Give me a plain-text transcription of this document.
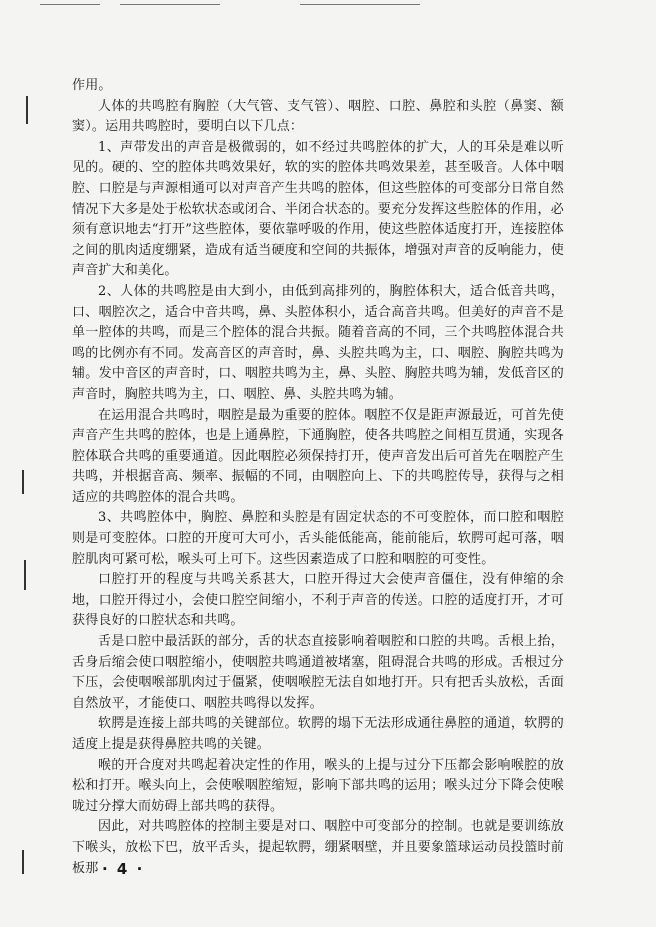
作用。

人体的共鸣腔有胸腔（大气管、支气管）、咽腔、口腔、鼻腔和头腔（鼻窦、额窦）。运用共鸣腔时，要明白以下几点：

1、声带发出的声音是极微弱的，如不经过共鸣腔体的扩大，人的耳朵是难以听见的。硬的、空的腔体共鸣效果好，软的实的腔体共鸣效果差，甚至吸音。人体中咽腔、口腔是与声源相通可以对声音产生共鸣的腔体，但这些腔体的可变部分日常自然情况下大多是处于松软状态或闭合、半闭合状态的。要充分发挥这些腔体的作用，必须有意识地去“打开”这些腔体，要依靠呼吸的作用，使这些腔体适度打开，连接腔体之间的肌肉适度绷紧，造成有适当硬度和空间的共振体，增强对声音的反响能力，使声音扩大和美化。

2、人体的共鸣腔是由大到小，由低到高排列的，胸腔体积大，适合低音共鸣，口、咽腔次之，适合中音共鸣，鼻、头腔体积小，适合高音共鸣。但美好的声音不是单一腔体的共鸣，而是三个腔体的混合共振。随着音高的不同，三个共鸣腔体混合共鸣的比例亦有不同。发高音区的声音时，鼻、头腔共鸣为主，口、咽腔、胸腔共鸣为辅。发中音区的声音时，口、咽腔共鸣为主，鼻、头腔、胸腔共鸣为辅，发低音区的声音时，胸腔共鸣为主，口、咽腔、鼻、头腔共鸣为辅。

在运用混合共鸣时，咽腔是最为重要的腔体。咽腔不仅是距声源最近，可首先使声音产生共鸣的腔体，也是上通鼻腔，下通胸腔，使各共鸣腔之间相互贯通，实现各腔体联合共鸣的重要通道。因此咽腔必须保持打开，使声音发出后可首先在咽腔产生共鸣，并根据音高、频率、振幅的不同，由咽腔向上、下的共鸣腔传导，获得与之相适应的共鸣腔体的混合共鸣。

3、共鸣腔体中，胸腔、鼻腔和头腔是有固定状态的不可变腔体，而口腔和咽腔则是可变腔体。口腔的开度可大可小，舌头能低能高，能前能后，软腭可起可落，咽腔肌肉可紧可松，喉头可上可下。这些因素造成了口腔和咽腔的可变性。

口腔打开的程度与共鸣关系甚大，口腔开得过大会使声音僵住，没有伸缩的余地，口腔开得过小，会使口腔空间缩小，不利于声音的传送。口腔的适度打开，才可获得良好的口腔状态和共鸣。

舌是口腔中最活跃的部分，舌的状态直接影响着咽腔和口腔的共鸣。舌根上抬，舌身后缩会使口咽腔缩小，使咽腔共鸣通道被堵塞，阻碍混合共鸣的形成。舌根过分下压，会使咽喉部肌肉过于僵紧，使咽喉腔无法自如地打开。只有把舌头放松，舌面自然放平，才能使口、咽腔共鸣得以发挥。

软腭是连接上部共鸣的关键部位。软腭的塌下无法形成通往鼻腔的通道，软腭的适度上提是获得鼻腔共鸣的关键。

喉的开合度对共鸣起着决定性的作用，喉头的上提与过分下压都会影响喉腔的放松和打开。喉头向上，会使喉咽腔缩短，影响下部共鸣的运用；喉头过分下降会使喉咙过分撑大而妨碍上部共鸣的获得。

因此，对共鸣腔体的控制主要是对口、咽腔中可变部分的控制。也就是要训练放下喉头，放松下巴，放平舌头，提起软腭，绷紧咽壁，并且要象篮球运动员投篮时前板那 · 4 ·
